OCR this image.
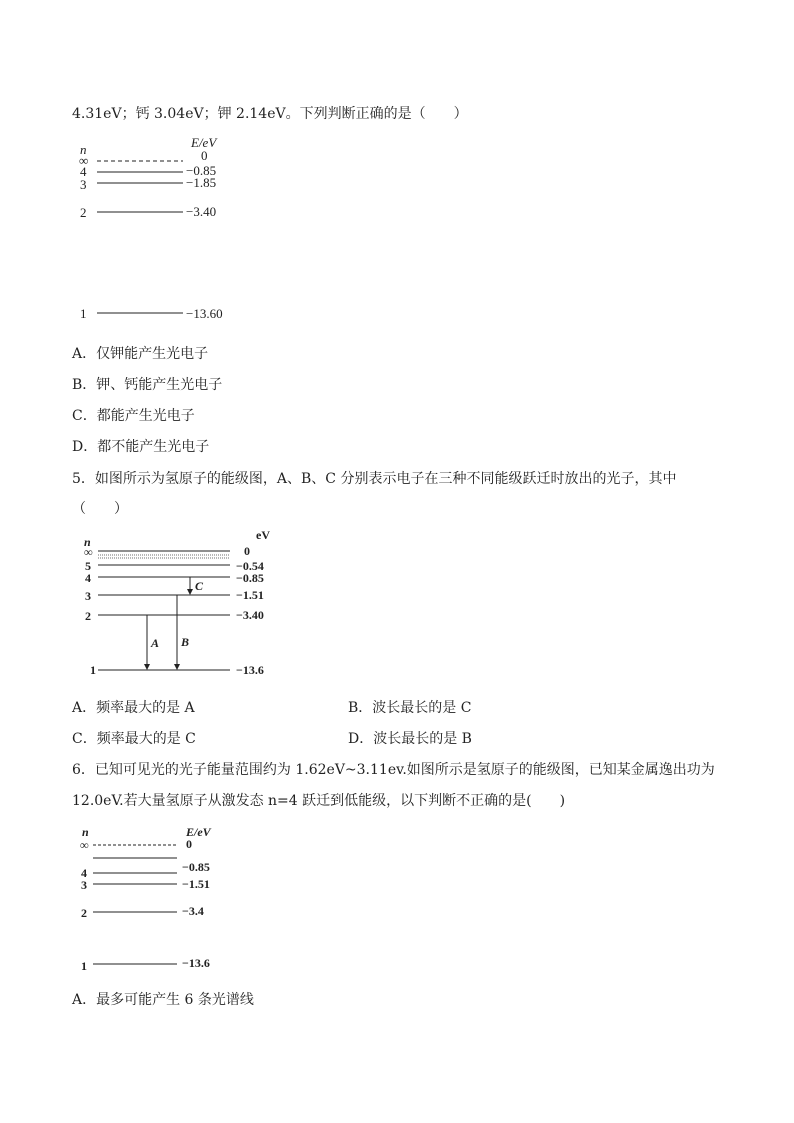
4.31eV；钙 3.04eV；钾 2.14eV。下列判断正确的是（　　）
n	E/eV
∞	0
4	−0.85
3	−1.85
2	−3.40
1	−13.60
A．仅钾能产生光电子
B．钾、钙能产生光电子
C．都能产生光电子
D．都不能产生光电子
5．如图所示为氢原子的能级图，A、B、C 分别表示电子在三种不同能级跃迁时放出的光子，其中
（　　）
n	eV
∞	0
5	−0.54
4	−0.85
3	−1.51
2	−3.40
1	−13.6
A B
C
A．频率最大的是 A	B．波长最长的是 C
C．频率最大的是 C	D．波长最长的是 B
6．已知可见光的光子能量范围约为 1.62eV~3.11ev.如图所示是氢原子的能级图，已知某金属逸出功为
12.0eV.若大量氢原子从激发态 n=4 跃迁到低能级，以下判断不正确的是(　　)
n	E/eV
∞	0
4	−0.85
3	−1.51
2	−3.4
1	−13.6
A．最多可能产生 6 条光谱线
